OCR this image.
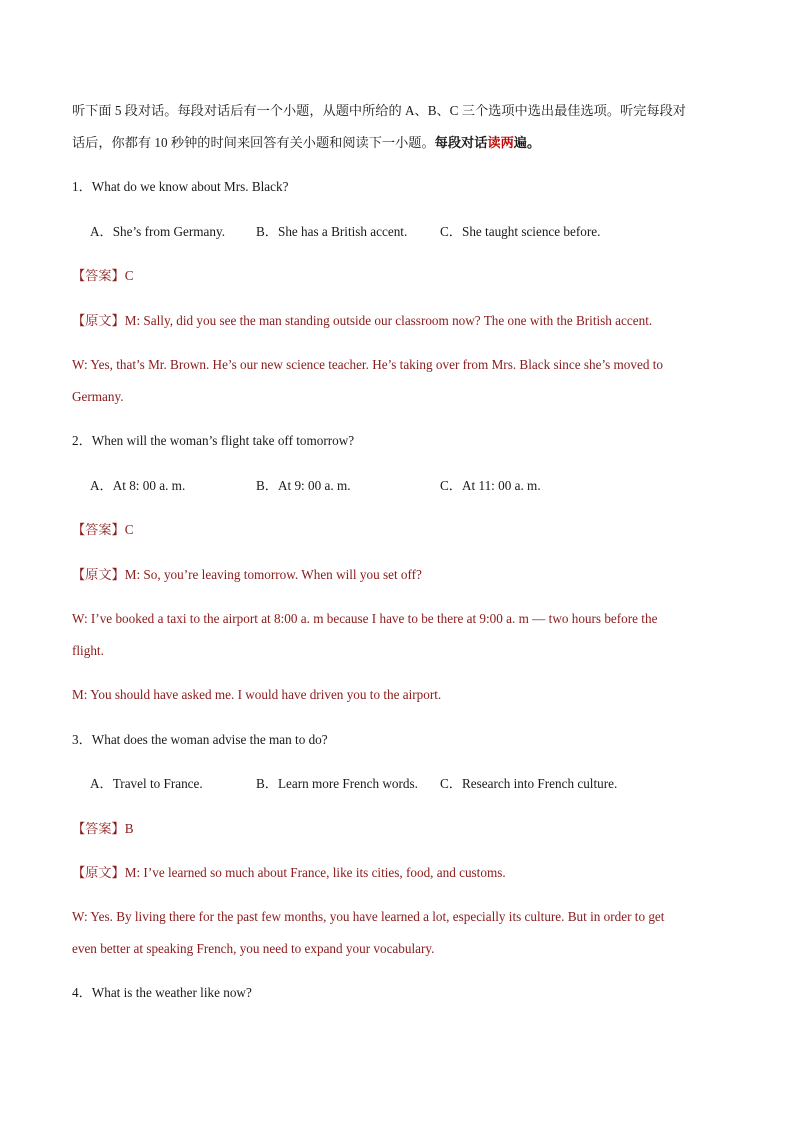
听下面 5 段对话。每段对话后有一个小题，从题中所给的 A、B、C 三个选项中选出最佳选项。听完每段对
话后，你都有 10 秒钟的时间来回答有关小题和阅读下一小题。每段对话读两遍。
1．What do we know about Mrs. Black?
A．She’s from Germany. B．She has a British accent. C．She taught science before.
【答案】C
【原文】M: Sally, did you see the man standing outside our classroom now? The one with the British accent.
W: Yes, that’s Mr. Brown. He’s our new science teacher. He’s taking over from Mrs. Black since she’s moved to
Germany.
2．When will the woman’s flight take off tomorrow?
A．At 8: 00 a. m.	B．At 9: 00 a. m.	C．At 11: 00 a. m.
【答案】C
【原文】M: So, you’re leaving tomorrow. When will you set off?
W: I’ve booked a taxi to the airport at 8:00 a. m because I have to be there at 9:00 a. m — two hours before the
flight.
M: You should have asked me. I would have driven you to the airport.
3．What does the woman advise the man to do?
A．Travel to France.	B．Learn more French words. C．Research into French culture.
【答案】B
【原文】M: I’ve learned so much about France, like its cities, food, and customs.
W: Yes. By living there for the past few months, you have learned a lot, especially its culture. But in order to get
even better at speaking French, you need to expand your vocabulary.
4．What is the weather like now?
